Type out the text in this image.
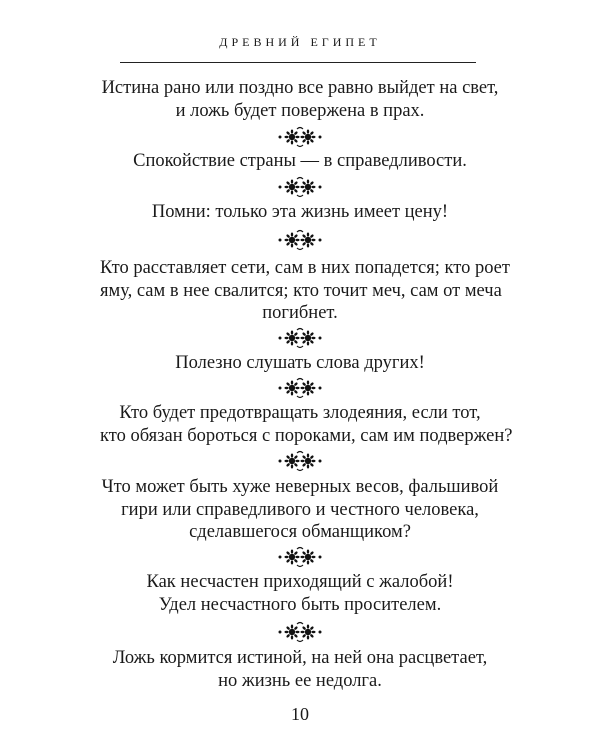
ДРЕВНИЙ ЕГИПЕТ
Истина рано или поздно все равно выйдет на свет,
и ложь будет повержена в прах.
Спокойствие страны — в справедливости.
Помни: только эта жизнь имеет цену!
Кто расставляет сети, сам в них попадется; кто роет
яму, сам в нее свалится; кто точит меч, сам от меча
погибнет.
Полезно слушать слова других!
Кто будет предотвращать злодеяния, если тот,
кто обязан бороться с пороками, сам им подвержен?
Что может быть хуже неверных весов, фальшивой
гири или справедливого и честного человека,
сделавшегося обманщиком?
Как несчастен приходящий с жалобой!
Удел несчастного быть просителем.
Ложь кормится истиной, на ней она расцветает,
но жизнь ее недолга.
10
